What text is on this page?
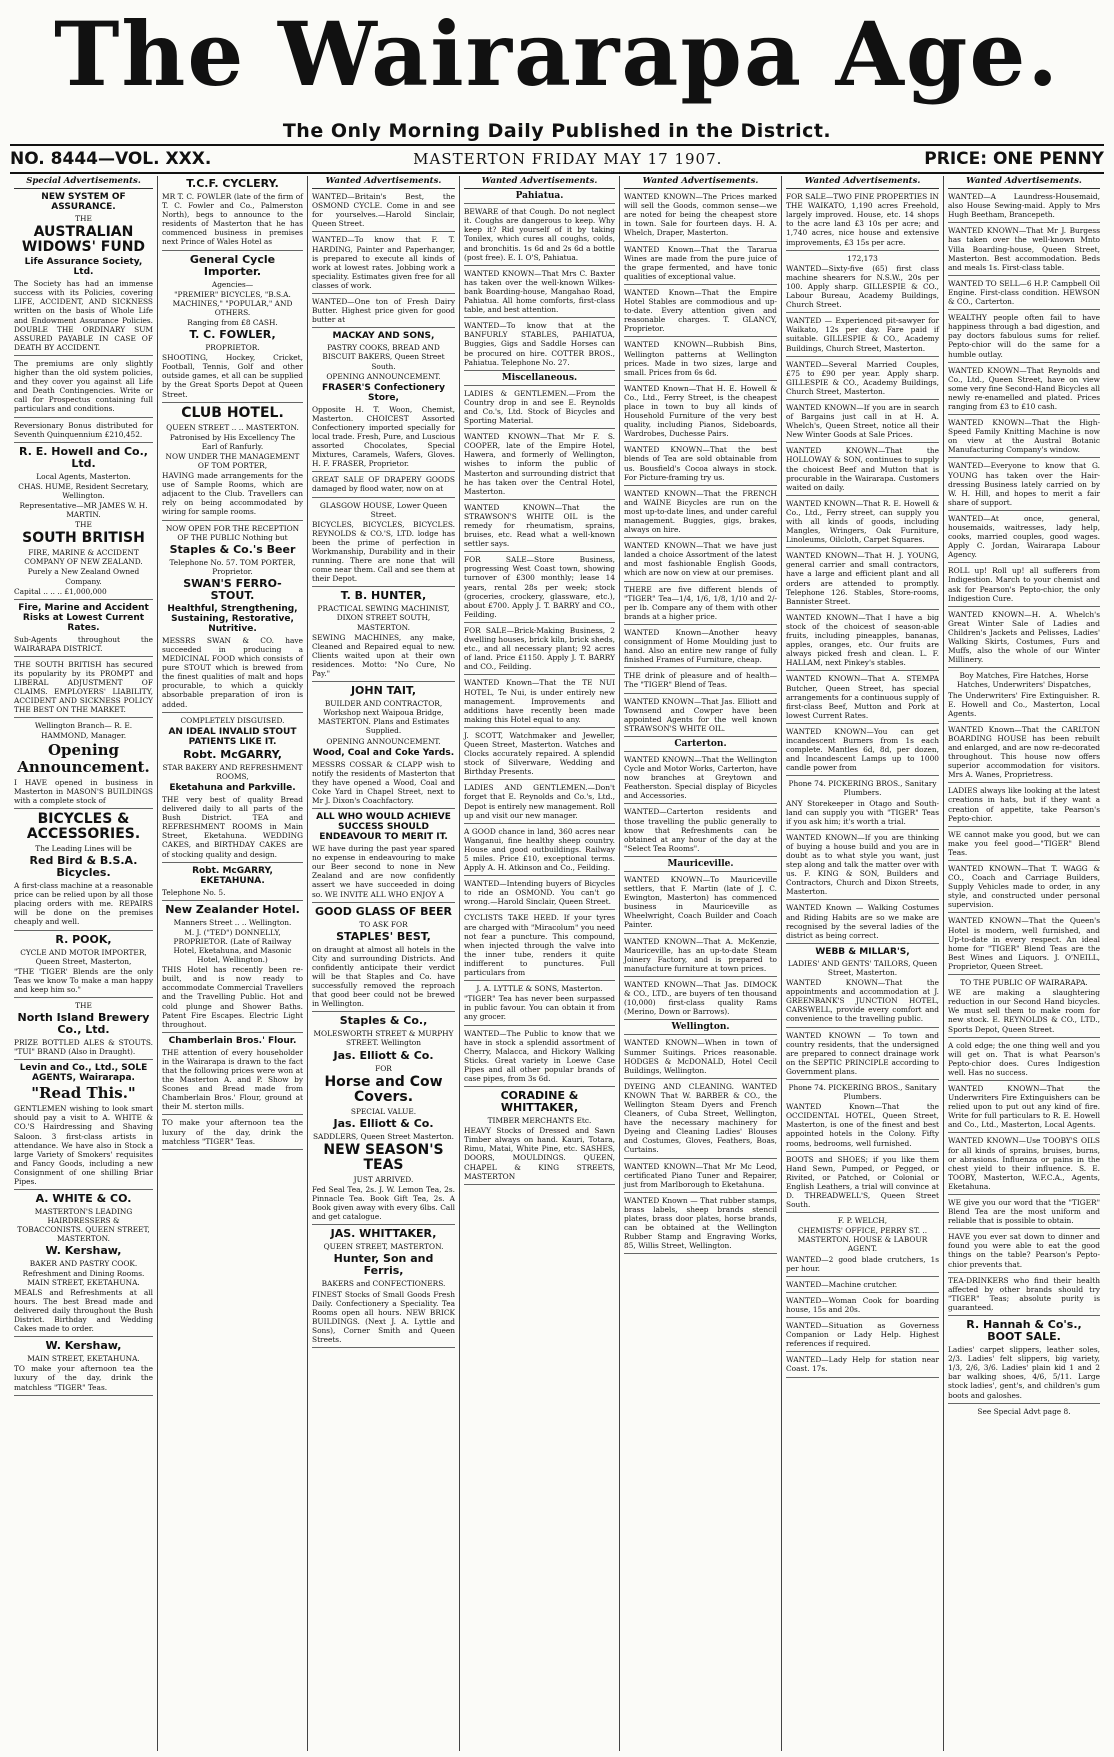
The Wairarapa Age.
The Only Morning Daily Published in the District.
NO. 8444—VOL. XXX.	MASTERTON FRIDAY MAY 17 1907.	PRICE: ONE PENNY
Special Advertisements.
NEW SYSTEM OF ASSURANCE.
THE
AUSTRALIAN WIDOWS' FUND
Life Assurance Society, Ltd.

The Society has had an immense success with its Policies, covering LIFE, ACCIDENT, AND SICKNESS written on the basis of Whole Life and Endowment Assurance Policies. DOUBLE THE ORDINARY SUM ASSURED PAYABLE IN CASE OF DEATH BY ACCIDENT.

The premiums are only slightly higher than the old system policies, and they cover you against all Life and Death Contingencies. Write or call for Prospectus containing full particulars and conditions.

Reversionary Bonus distributed for Seventh Quinquennium £210,452.

R. E. Howell and Co., Ltd.
Local Agents, Masterton.
CHAS. HUME, Resident Secretary, Wellington.
Representative—MR JAMES W. H. MARTIN.
THE
SOUTH BRITISH
FIRE, MARINE & ACCIDENT COMPANY OF NEW ZEALAND.
Purely a New Zealand Owned Company.

Capital .. .. .. £1,000,000

Fire, Marine and Accident Risks at Lowest Current Rates.

Sub-Agents throughout the WAIRARAPA DISTRICT.

THE SOUTH BRITISH has secured its popularity by its PROMPT and LIBERAL ADJUSTMENT OF CLAIMS. EMPLOYERS' LIABILITY, ACCIDENT AND SICKNESS POLICY THE BEST ON THE MARKET.

Wellington Branch— R. E. HAMMOND, Manager.
Opening Announcement.

I HAVE opened in business in Masterton in MASON'S BUILDINGS with a complete stock of

BICYCLES & ACCESSORIES.
The Leading Lines will be
Red Bird & B.S.A. Bicycles.

A first-class machine at a reasonable price can be relied upon by all those placing orders with me. REPAIRS will be done on the premises cheaply and well.

R. POOK,
CYCLE AND MOTOR IMPORTER, Queen Street, Masterton,

"THE 'TIGER' Blends are the only Teas we know To make a man happy and keep him so."

THE
North Island Brewery Co., Ltd.

PRIZE BOTTLED ALES & STOUTS. "TUI" BRAND (Also in Draught).

Levin and Co., Ltd., SOLE AGENTS, Wairarapa.
"Read This."

GENTLEMEN wishing to look smart should pay a visit to A. WHITE & CO.'S Hairdressing and Shaving Saloon. 3 first-class artists in attendance. We have also in Stock a large Variety of Smokers' requisites and Fancy Goods, including a new Consignment of one shilling Briar Pipes.

A. WHITE & CO.
MASTERTON'S LEADING HAIRDRESSERS & TOBACCONISTS. QUEEN STREET, MASTERTON.
W. Kershaw,
BAKER AND PASTRY COOK. Refreshment and Dining Rooms. MAIN STREET, EKETAHUNA.

MEALS and Refreshments at all hours. The best Bread made and delivered daily throughout the Bush District. Birthday and Wedding Cakes made to order.

W. Kershaw,
MAIN STREET, EKETAHUNA.

TO make your afternoon tea the luxury of the day, drink the matchless "TIGER" Teas.

T.C.F. CYCLERY.

MR T. C. FOWLER (late of the firm of T. C. Fowler and Co., Palmerston North), begs to announce to the residents of Masterton that he has commenced business in premises next Prince of Wales Hotel as

General Cycle Importer.
Agencies—
"PREMIER" BICYCLES, "B.S.A. MACHINES," "POPULAR," AND OTHERS.
Ranging from £8 CASH.
T. C. FOWLER,
PROPRIETOR.

SHOOTING, Hockey, Cricket, Football, Tennis, Golf and other outside games, et all can be supplied by the Great Sports Depot at Queen Street.

CLUB HOTEL.
QUEEN STREET .. .. MASTERTON.
Patronised by His Excellency The Earl of Ranfurly.
NOW UNDER THE MANAGEMENT OF TOM PORTER,

HAVING made arrangements for the use of Sample Rooms, which are adjacent to the Club. Travellers can rely on being accommodated by wiring for sample rooms.

NOW OPEN FOR THE RECEPTION OF THE PUBLIC Nothing but
Staples & Co.'s Beer
Telephone No. 57. TOM PORTER, Proprietor.
SWAN'S FERRO-STOUT.
Healthful, Strengthening, Sustaining, Restorative, Nutritive.

MESSRS SWAN & CO. have succeeded in producing a MEDICINAL FOOD which consists of pure STOUT which is brewed from the finest qualities of malt and hops procurable, to which a quickly absorbable preparation of iron is added.

COMPLETELY DISGUISED.
AN IDEAL INVALID STOUT PATIENTS LIKE IT.
Robt. McGARRY,
STAR BAKERY AND REFRESHMENT ROOMS,
Eketahuna and Parkville.

THE very best of quality Bread delivered daily to all parts of the Bush District. TEA and REFRESHMENT ROOMS in Main Street, Eketahuna. WEDDING CAKES, and BIRTHDAY CAKES are of stocking quality and design.

Robt. McGARRY, EKETAHUNA.

Telephone No. 5.

New Zealander Hotel.
Manners Street .. .. Wellington.
M. J. ("TED") DONNELLY, PROPRIETOR. (Late of Railway Hotel, Eketahuna, and Masonic Hotel, Wellington.)

THIS Hotel has recently been re-built, and is now ready to accommodate Commercial Travellers and the Travelling Public. Hot and cold plunge and Shower Baths. Patent Fire Escapes. Electric Light throughout.

Chamberlain Bros.' Flour.

THE attention of every householder in the Wairarapa is drawn to the fact that the following prices were won at the Masterton A. and P. Show by Scones and Bread made from Chamberlain Bros.' Flour, ground at their M. sterton mills.

TO make your afternoon tea the luxury of the day, drink the matchless "TIGER" Teas.

Wanted Advertisements.

WANTED—Britain's Best, the OSMOND CYCLE. Come in and see for yourselves.—Harold Sinclair, Queen Street.

WANTED—To know that F. T. HARDING, Painter and Paperhanger, is prepared to execute all kinds of work at lowest rates. Jobbing work a speciality. Estimates given free for all classes of work.

WANTED—One ton of Fresh Dairy Butter. Highest price given for good butter at

MACKAY AND SONS,
PASTRY COOKS, BREAD AND BISCUIT BAKERS, Queen Street South.
OPENING ANNOUNCEMENT.
FRASER'S Confectionery Store,

Opposite H. T. Woon, Chemist, Masterton. CHOICEST Assorted Confectionery imported specially for local trade. Fresh, Pure, and Luscious assorted Chocolates, Special Mixtures, Caramels, Wafers, Gloves. H. F. FRASER, Proprietor.

GREAT SALE OF DRAPERY GOODS damaged by flood water, now on at

GLASGOW HOUSE, Lower Queen Street.

BICYCLES, BICYCLES, BICYCLES. REYNOLDS & CO.'S, LTD. lodge has been the prime of perfection in Workmanship, Durability and in their running. There are none that will come near them. Call and see them at their Depot.

T. B. HUNTER,
PRACTICAL SEWING MACHINIST, DIXON STREET SOUTH, MASTERTON.

SEWING MACHINES, any make, Cleaned and Repaired equal to new. Clients waited upon at their own residences. Motto: "No Cure, No Pay."

JOHN TAIT,
BUILDER AND CONTRACTOR, Workshop next Waipoua Bridge, MASTERTON. Plans and Estimates Supplied.
OPENING ANNOUNCEMENT.
Wood, Coal and Coke Yards.

MESSRS COSSAR & CLAPP wish to notify the residents of Masterton that they have opened a Wood, Coal and Coke Yard in Chapel Street, next to Mr J. Dixon's Coachfactory.

ALL WHO WOULD ACHIEVE SUCCESS SHOULD ENDEAVOUR TO MERIT IT.

WE have during the past year spared no expense in endeavouring to make our Beer second to none in New Zealand and are now confidently assert we have succeeded in doing so. WE INVITE ALL WHO ENJOY A

GOOD GLASS OF BEER
TO ASK FOR
STAPLES' BEST,

on draught at almost all hotels in the City and surrounding Districts. And confidently anticipate their verdict will be that Staples and Co. have successfully removed the reproach that good beer could not be brewed in Wellington.

Staples & Co.,
MOLESWORTH STREET & MURPHY STREET. Wellington
Jas. Elliott & Co.
FOR
Horse and Cow Covers.
SPECIAL VALUE.
Jas. Elliott & Co.
SADDLERS, Queen Street Masterton.
NEW SEASON'S TEAS
JUST ARRIVED.

Fed Seal Tea, 2s. J. W. Lemon Tea, 2s. Pinnacle Tea. Book Gift Tea, 2s. A Book given away with every 6lbs. Call and get catalogue.

JAS. WHITTAKER,
QUEEN STREET, MASTERTON.
Hunter, Son and Ferris,
BAKERS and CONFECTIONERS.

FINEST Stocks of Small Goods Fresh Daily. Confectionery a Speciality. Tea Rooms open all hours. NEW BRICK BUILDINGS. (Next J. A. Lyttle and Sons), Corner Smith and Queen Streets.

Wanted Advertisements.
Pahiatua.

BEWARE of that Cough. Do not neglect it. Coughs are dangerous to keep. Why keep it? Rid yourself of it by taking Tonilex, which cures all coughs, colds, and bronchitis. 1s 6d and 2s 6d a bottle (post free). E. I. O'S, Pahiatua.

WANTED KNOWN—That Mrs C. Baxter has taken over the well-known Wilkes-bank Boarding-house, Mangahao Road, Pahiatua. All home comforts, first-class table, and best attention.

WANTED—To know that at the BANFURLY STABLES, PAHIATUA, Buggies, Gigs and Saddle Horses can be procured on hire. COTTER BROS., Pahiatua. Telephone No. 27.

Miscellaneous.

LADIES & GENTLEMEN.—From the Country drop in and see E. Reynolds and Co.'s, Ltd. Stock of Bicycles and Sporting Material.

WANTED KNOWN—That Mr F. S. COOPER, late of the Empire Hotel, Hawera, and formerly of Wellington, wishes to inform the public of Masterton and surrounding district that he has taken over the Central Hotel, Masterton.

WANTED KNOWN—That the STRAWSON'S WHITE OIL is the remedy for rheumatism, sprains, bruises, etc. Read what a well-known settler says.

FOR SALE—Store Business, progressing West Coast town, showing turnover of £300 monthly; lease 14 years, rental 28s per week; stock (groceries, crockery, glassware, etc.), about £700. Apply J. T. BARRY and CO., Feilding.

FOR SALE—Brick-Making Business, 2 dwelling houses, brick kiln, brick sheds, etc., and all necessary plant; 92 acres of land. Price £1150. Apply J. T. BARRY and CO., Feilding.

WANTED Known—That the TE NUI HOTEL, Te Nui, is under entirely new management. Improvements and additions have recently been made making this Hotel equal to any.

J. SCOTT, Watchmaker and Jeweller, Queen Street, Masterton. Watches and Clocks accurately repaired. A splendid stock of Silverware, Wedding and Birthday Presents.

LADIES AND GENTLEMEN.—Don't forget that E. Reynolds and Co.'s, Ltd., Depot is entirely new management. Roll up and visit our new manager.

A GOOD chance in land, 360 acres near Wanganui, fine healthy sheep country. House and good outbuildings. Railway 5 miles. Price £10, exceptional terms. Apply A. H. Atkinson and Co., Feilding.

WANTED—Intending buyers of Bicycles to ride an OSMOND. You can't go wrong.—Harold Sinclair, Queen Street.

CYCLISTS TAKE HEED. If your tyres are charged with "Miracolum" you need not fear a puncture. This compound, when injected through the valve into the inner tube, renders it quite indifferent to punctures. Full particulars from

J. A. LYTTLE & SONS, Masterton.

"TIGER" Tea has never been surpassed in public favour. You can obtain it from any grocer.

WANTED—The Public to know that we have in stock a splendid assortment of Cherry, Malacca, and Hickory Walking Sticks. Great variety in Loewe Case Pipes and all other popular brands of case pipes, from 3s 6d.

CORADINE & WHITTAKER,
TIMBER MERCHANTS Etc.

HEAVY Stocks of Dressed and Sawn Timber always on hand. Kauri, Totara, Rimu, Matai, White Pine, etc. SASHES, DOORS, MOULDINGS. QUEEN, CHAPEL & KING STREETS, MASTERTON

Wanted Advertisements.

WANTED KNOWN—The Prices marked will sell the Goods, common sense—we are noted for being the cheapest store in town. Sale for fourteen days. H. A. Whelch, Draper, Masterton.

WANTED Known—That the Tararua Wines are made from the pure juice of the grape fermented, and have tonic qualities of exceptional value.

WANTED Known—That the Empire Hotel Stables are commodious and up-to-date. Every attention given and reasonable charges. T. GLANCY, Proprietor.

WANTED KNOWN—Rubbish Bins, Wellington patterns at Wellington prices. Made in two sizes, large and small. Prices from 6s 6d.

WANTED Known—That H. E. Howell & Co., Ltd., Ferry Street, is the cheapest place in town to buy all kinds of Household Furniture of the very best quality, including Pianos, Sideboards, Wardrobes, Duchesse Pairs.

WANTED KNOWN—That the best blends of Tea are sold obtainable from us. Bousfield's Cocoa always in stock. For Picture-framing try us.

WANTED KNOWN—That the FRENCH and WAINE Bicycles are run on the most up-to-date lines, and under careful management. Buggies, gigs, brakes, always on hire.

WANTED KNOWN—That we have just landed a choice Assortment of the latest and most fashionable English Goods, which are now on view at our premises.

THERE are five different blends of "TIGER" Tea—1/4, 1/6, 1/8, 1/10 and 2/- per lb. Compare any of them with other brands at a higher price.

WANTED Known—Another heavy consignment of Home Moulding just to hand. Also an entire new range of fully finished Frames of Furniture, cheap.

THE drink of pleasure and of health—The "TIGER" Blend of Teas.

WANTED KNOWN—That Jas. Elliott and Townsend and Cowper have been appointed Agents for the well known STRAWSON'S WHITE OIL.

Carterton.

WANTED KNOWN—That the Wellington Cycle and Motor Works, Carterton, have now branches at Greytown and Featherston. Special display of Bicycles and Accessories.

WANTED—Carterton residents and those travelling the public generally to know that Refreshments can be obtained at any hour of the day at the "Select Tea Rooms".

Mauriceville.

WANTED KNOWN—To Mauriceville settlers, that F. Martin (late of J. C. Ewington, Masterton) has commenced business in Mauriceville as Wheelwright, Coach Builder and Coach Painter.

WANTED KNOWN—That A. McKenzie, Mauriceville, has an up-to-date Steam Joinery Factory, and is prepared to manufacture furniture at town prices.

WANTED KNOWN—That Jas. DIMOCK & CO., LTD., are buyers of ten thousand (10,000) first-class quality Rams (Merino, Down or Barrows).

Wellington.

WANTED KNOWN—When in town of Summer Suitings. Prices reasonable. HODGES & McDONALD, Hotel Cecil Buildings, Wellington.

DYEING AND CLEANING. WANTED KNOWN That W. BARBER & CO., the Wellington Steam Dyers and French Cleaners, of Cuba Street, Wellington, have the necessary machinery for Dyeing and Cleaning Ladies' Blouses and Costumes, Gloves, Feathers, Boas, Curtains.

WANTED KNOWN—That Mr Mc Leod, certificated Piano Tuner and Repairer, just from Marlborough to Eketahuna.

WANTED Known — That rubber stamps, brass labels, sheep brands stencil plates, brass door plates, horse brands, can be obtained at the Wellington Rubber Stamp and Engraving Works, 85, Willis Street, Wellington.

Wanted Advertisements.

FOR SALE—TWO FINE PROPERTIES IN THE WAIKATO, 1,190 acres Freehold, largely improved. House, etc. 14 shops to the acre land £3 10s per acre; and 1,740 acres, nice house and extensive improvements, £3 15s per acre.

172,173

WANTED—Sixty-five (65) first class machine shearers for N.S.W., 20s per 100. Apply sharp. GILLESPIE & CO., Labour Bureau, Academy Buildings, Church Street.

WANTED — Experienced pit-sawyer for Waikato, 12s per day. Fare paid if suitable. GILLESPIE & CO., Academy Buildings, Church Street, Masterton.

WANTED—Several Married Couples, £75 to £90 per year. Apply sharp. GILLESPIE & CO., Academy Buildings, Church Street, Masterton.

WANTED KNOWN—If you are in search of Bargains just call in at H. A. Whelch's, Queen Street, notice all their New Winter Goods at Sale Prices.

WANTED KNOWN—That the HOLLOWAY & SON, continues to supply the choicest Beef and Mutton that is procurable in the Wairarapa. Customers waited on daily.

WANTED KNOWN—That R. E. Howell & Co., Ltd., Ferry street, can supply you with all kinds of goods, including Mangles, Wringers, Oak Furniture, Linoleums, Oilcloth, Carpet Squares.

WANTED KNOWN—That H. J. YOUNG, general carrier and small contractors, have a large and efficient plant and all orders are attended to promptly. Telephone 126. Stables, Store-rooms, Bannister Street.

WANTED KNOWN—That I have a big stock of the choicest of season-able fruits, including pineapples, bananas, apples, oranges, etc. Our fruits are always picked fresh and clean. L. F. HALLAM, next Pinkey's stables.

WANTED KNOWN—That A. STEMPA Butcher, Queen Street, has special arrangements for a continuous supply of first-class Beef, Mutton and Pork at lowest Current Rates.

WANTED KNOWN—You can get incandescent Burners from 1s each complete. Mantles 6d, 8d, per dozen, and Incandescent Lamps up to 1000 candle power from

Phone 74. PICKERING BROS., Sanitary Plumbers.

ANY Storekeeper in Otago and South-land can supply you with "TIGER" Teas if you ask him; it's worth a trial.

WANTED KNOWN—If you are thinking of buying a house build and you are in doubt as to what style you want, just step along and talk the matter over with us. F. KING & SON, Builders and Contractors, Church and Dixon Streets, Masterton.

WANTED Known — Walking Costumes and Riding Habits are so we make are recognised by the several ladies of the district as being correct.

WEBB & MILLAR'S,
LADIES' AND GENTS' TAILORS, Queen Street, Masterton.

WANTED KNOWN—That the appointments and accommodation at J. GREENBANK'S JUNCTION HOTEL, CARSWELL, provide every comfort and convenience to the travelling public.

WANTED KNOWN — To town and country residents, that the undersigned are prepared to connect drainage work on the SEPTIC PRINCIPLE according to Government plans.

Phone 74. PICKERING BROS., Sanitary Plumbers.

WANTED Known—That the OCCIDENTAL HOTEL, Queen Street, Masterton, is one of the finest and best appointed hotels in the Colony. Fifty rooms, bedrooms, well furnished.

BOOTS and SHOES; if you like them Hand Sewn, Pumped, or Pegged, or Rivited, or Patched, or Colonial or English Leathers, a trial will convince at D. THREADWELL'S, Queen Street South.

F. P. WELCH,
CHEMISTS' OFFICE, PERRY ST. .. MASTERTON. HOUSE & LABOUR AGENT.

WANTED—2 good blade crutchers, 1s per hour.

WANTED—Machine crutcher.

WANTED—Woman Cook for boarding house, 15s and 20s.

WANTED—Situation as Governess Companion or Lady Help. Highest references if required.

WANTED—Lady Help for station near Coast. 17s.

Wanted Advertisements.

WANTED—A Laundress-Housemaid, also House Sewing-maid. Apply to Mrs Hugh Beetham, Brancepeth.

WANTED KNOWN—That Mr J. Burgess has taken over the well-known Mnto Villa Boarding-house, Queen Street, Masterton. Best accommodation. Beds and meals 1s. First-class table.

WANTED TO SELL—6 H.P. Campbell Oil Engine. First-class condition. HEWSON & CO., Carterton.

WEALTHY people often fail to have happiness through a bad digestion, and pay doctors fabulous sums for relief. Pepto-chior will do the same for a humble outlay.

WANTED KNOWN—That Reynolds and Co., Ltd., Queen Street, have on view some very fine Second-Hand Bicycles all newly re-enamelled and plated. Prices ranging from £3 to £10 cash.

WANTED KNOWN—That the High-Speed Family Knitting Machine is now on view at the Austral Botanic Manufacturing Company's window.

WANTED—Everyone to know that G. YOUNG has taken over the Hair-dressing Business lately carried on by W. H. Hill, and hopes to merit a fair share of support.

WANTED—At once, general, housemaids, waitresses, lady help, cooks, married couples, good wages. Apply C. Jordan, Wairarapa Labour Agency.

ROLL up! Roll up! all sufferers from Indigestion. March to your chemist and ask for Pearson's Pepto-chior, the only Indigestion Cure.

WANTED KNOWN—H. A. Whelch's Great Winter Sale of Ladies and Children's Jackets and Pelisses, Ladies' Walking Skirts, Costumes, Furs and Muffs, also the whole of our Winter Millinery.

Boy Matches, Fire Hatches, Horse Hatches, Underwriters' Dispatches,

The Underwriters' Fire Extinguisher. R. E. Howell and Co., Masterton, Local Agents.

WANTED Known—That the CARLTON BOARDING HOUSE has been rebuilt and enlarged, and are now re-decorated throughout. This house now offers superior accommodation for visitors. Mrs A. Wanes, Proprietress.

LADIES always like looking at the latest creations in hats, but if they want a creation of appetite, take Pearson's Pepto-chior.

WE cannot make you good, but we can make you feel good—"TIGER" Blend Teas.

WANTED KNOWN—That T. WAGG & CO., Coach and Carriage Builders, Supply Vehicles made to order, in any style, and constructed under personal supervision.

WANTED KNOWN—That the Queen's Hotel is modern, well furnished, and Up-to-date in every respect. An ideal home for "TIGER" Blend Teas are the Best Wines and Liquors. J. O'NEILL, Proprietor, Queen Street.

TO THE PUBLIC OF WAIRARAPA.

WE are making a slaughtering reduction in our Second Hand bicycles. We must sell them to make room for new stock. E. REYNOLDS & CO., LTD., Sports Depot, Queen Street.

A cold edge; the one thing well and you will get on. That is what Pearson's Pepto-chior does. Cures Indigestion well. Has no success.

WANTED KNOWN—That the Underwriters Fire Extinguishers can be relied upon to put out any kind of fire. Write for full particulars to R. E. Howell and Co., Ltd., Masterton, Local Agents.

WANTED KNOWN—Use TOOBY'S OILS for all kinds of sprains, bruises, burns, or abrasions. Influenza or pains in the chest yield to their influence. S. E. TOOBY, Masterton, W.F.C.A., Agents, Eketahuna.

WE give you our word that the "TIGER" Blend Tea are the most uniform and reliable that is possible to obtain.

HAVE you ever sat down to dinner and found you were able to eat the good things on the table? Pearson's Pepto-chior prevents that.

TEA-DRINKERS who find their health affected by other brands should try "TIGER" Teas; absolute purity is guaranteed.

R. Hannah & Co's., BOOT SALE.

Ladies' carpet slippers, leather soles, 2/3. Ladies' felt slippers, big variety, 1/3, 2/6, 3/6. Ladies' plain kid 1 and 2 bar walking shoes, 4/6, 5/11. Large stock ladies', gent's, and children's gum boots and galoshes.

See Special Advt page 8.
